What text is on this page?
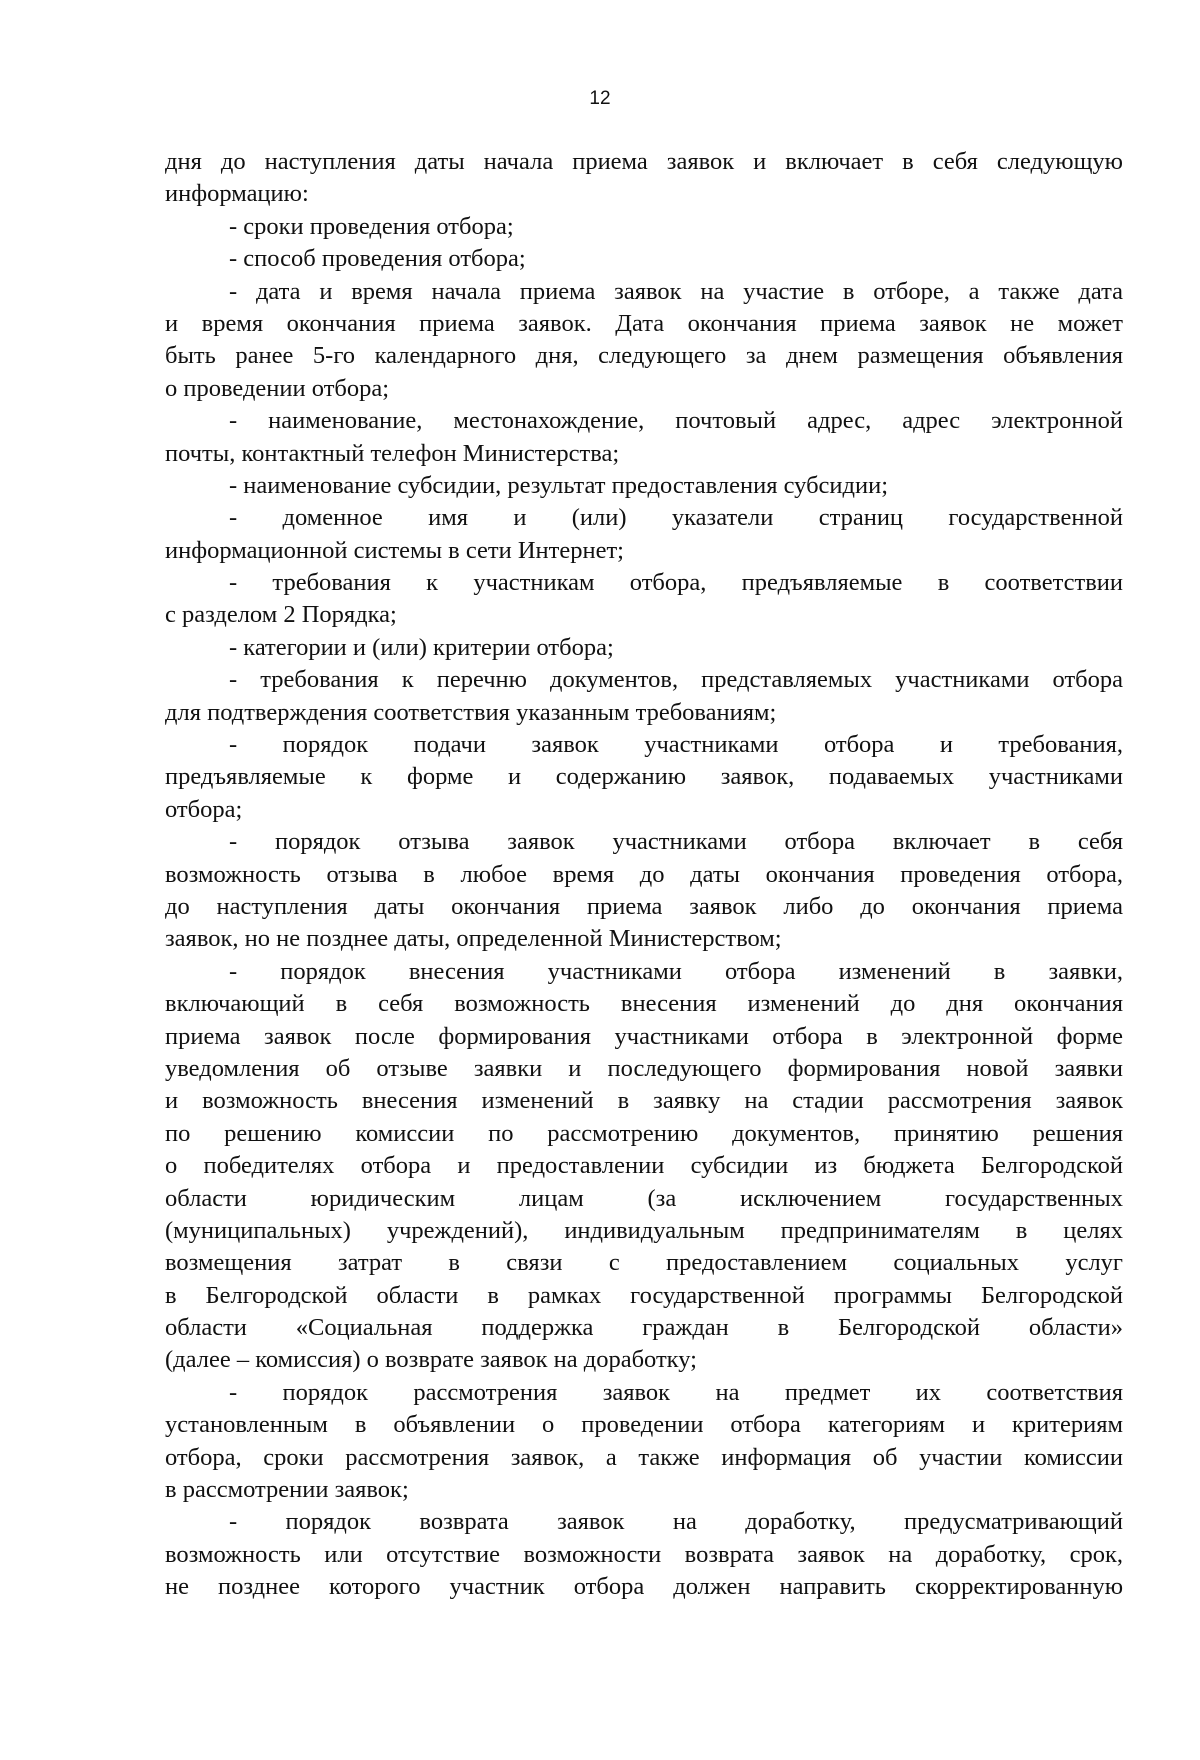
12
дня до наступления даты начала приема заявок и включает в себя следующую
информацию:
- сроки проведения отбора;
- способ проведения отбора;
- дата и время начала приема заявок на участие в отборе, а также дата
и время окончания приема заявок. Дата окончания приема заявок не может
быть ранее 5-го календарного дня, следующего за днем размещения объявления
о проведении отбора;
- наименование, местонахождение, почтовый адрес, адрес электронной
почты, контактный телефон Министерства;
- наименование субсидии, результат предоставления субсидии;
- доменное имя и (или) указатели страниц государственной
информационной системы в сети Интернет;
- требования к участникам отбора, предъявляемые в соответствии
с разделом 2 Порядка;
- категории и (или) критерии отбора;
- требования к перечню документов, представляемых участниками отбора
для подтверждения соответствия указанным требованиям;
- порядок подачи заявок участниками отбора и требования,
предъявляемые к форме и содержанию заявок, подаваемых участниками
отбора;
- порядок отзыва заявок участниками отбора включает в себя
возможность отзыва в любое время до даты окончания проведения отбора,
до наступления даты окончания приема заявок либо до окончания приема
заявок, но не позднее даты, определенной Министерством;
- порядок внесения участниками отбора изменений в заявки,
включающий в себя возможность внесения изменений до дня окончания
приема заявок после формирования участниками отбора в электронной форме
уведомления об отзыве заявки и последующего формирования новой заявки
и возможность внесения изменений в заявку на стадии рассмотрения заявок
по решению комиссии по рассмотрению документов, принятию решения
о победителях отбора и предоставлении субсидии из бюджета Белгородской
области юридическим лицам (за исключением государственных
(муниципальных) учреждений), индивидуальным предпринимателям в целях
возмещения затрат в связи с предоставлением социальных услуг
в Белгородской области в рамках государственной программы Белгородской
области «Социальная поддержка граждан в Белгородской области»
(далее – комиссия) о возврате заявок на доработку;
- порядок рассмотрения заявок на предмет их соответствия
установленным в объявлении о проведении отбора категориям и критериям
отбора, сроки рассмотрения заявок, а также информация об участии комиссии
в рассмотрении заявок;
- порядок возврата заявок на доработку, предусматривающий
возможность или отсутствие возможности возврата заявок на доработку, срок,
не позднее которого участник отбора должен направить скорректированную
